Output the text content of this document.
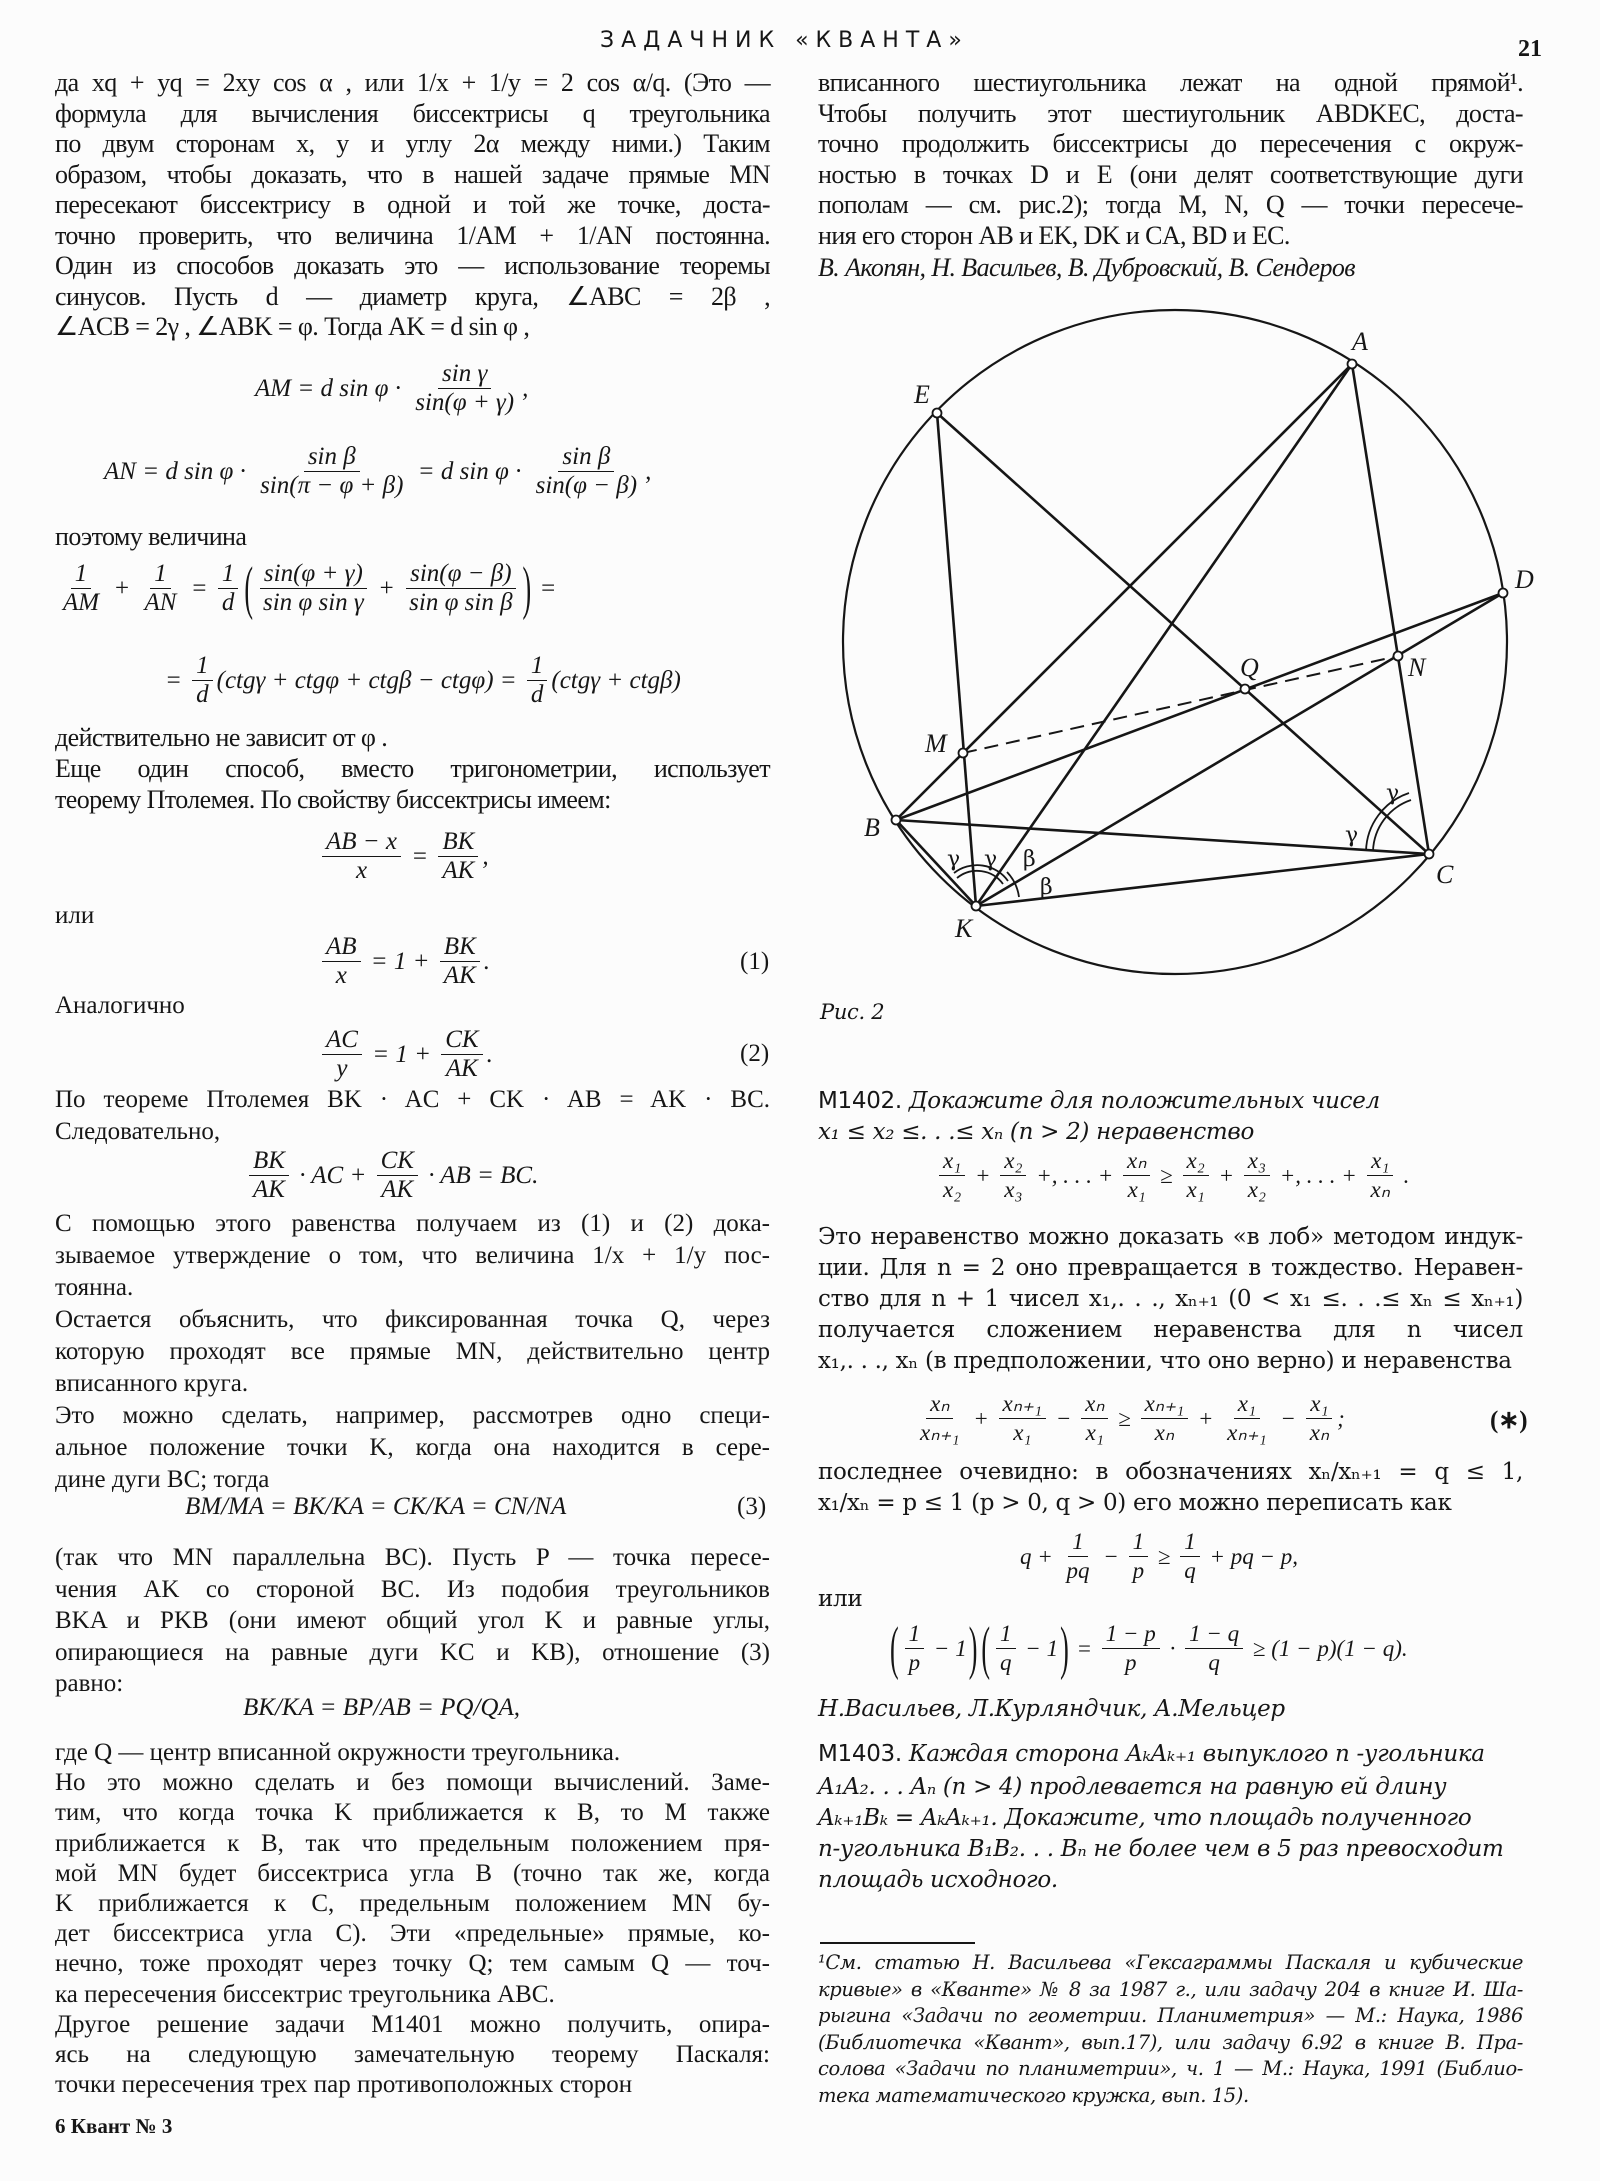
ЗАДАЧНИК «КВАНТА»	21
да xq + yq = 2xy cos α , или 1/x + 1/y = 2 cos α/q. (Это —
формула для вычисления биссектрисы q треугольника
по двум сторонам x, y и углу 2α между ними.) Таким
образом, чтобы доказать, что в нашей задаче прямые MN
пересекают биссектрису в одной и той же точке, доста-
точно проверить, что величина 1/AM + 1/AN постоянна.
Один из способов доказать это — использование теоремы
синусов. Пусть d — диаметр круга, ∠ABC = 2β ,
∠ACB = 2γ , ∠ABK = φ. Тогда AK = d sin φ ,
AM = d $\sin \varphi \cdot \frac{\text{sin γ}}{\sin(\varphi + \gamma)}$ ,
AN = d $\sin \varphi \cdot \frac{\text{sin β}}{\sin(\pi - \varphi + \beta)} = d$ $\sin \varphi \cdot \frac{\text{sin β}}{\sin(\varphi - \beta)}$ ,
поэтому величина
$\frac{1}{AM} + \frac{1}{AN} = \frac{1}{d}$ ( $\frac{\sin(\varphi + \gamma)}{\text{sin φ sin γ}} + \frac{\sin(\varphi - \beta)}{\text{sin φ sin β}}$ ) =
= $\frac{1}{d} (ctg\gamma + ctg\varphi + ctg\beta - ctg\varphi) = \frac{1}{d} (ctg\gamma + ctg\beta)$
действительно не зависит от φ .
Еще один способ, вместо тригонометрии, использует
теорему Птолемея. По свойству биссектрисы имеем:
$\frac{AB - x}{x} = \frac{BK}{AK}$ ,
или
$\frac{AB}{x} = 1 + \frac{BK}{AK}$ .	(1)
Аналогично
$\frac{AC}{y} = 1 + \frac{CK}{AK}$ .	(2)
По теореме Птолемея BK · AC + CK · AB = AK · BC.
Следовательно,
$\frac{BK}{AK}$ · AC + $\frac{CK}{AK}$ · AB = BC.
С помощью этого равенства получаем из (1) и (2) дока-
зываемое утверждение о том, что величина 1/x + 1/y пос-
тоянна.
Остается объяснить, что фиксированная точка Q, через
которую проходят все прямые MN, действительно центр
вписанного круга.
Это можно сделать, например, рассмотрев одно специ-
альное положение точки K, когда она находится в сере-
дине дуги BC; тогда
BM/MA = BK/KA = CK/KA = CN/NA	(3)
(так что MN параллельна BC). Пусть P — точка пересе-
чения AK со стороной BC. Из подобия треугольников
BKA и PKB (они имеют общий угол K и равные углы,
опирающиеся на равные дуги KC и KB), отношение (3)
равно:
BK/KA = BP/AB = PQ/QA,
где Q — центр вписанной окружности треугольника.
Но это можно сделать и без помощи вычислений. Заме-
тим, что когда точка K приближается к B, то M также
приближается к B, так что предельным положением пря-
мой MN будет биссектриса угла B (точно так же, когда
K приближается к C, предельным положением MN бу-
дет биссектриса угла C). Эти «предельные» прямые, ко-
нечно, тоже проходят через точку Q; тем самым Q — точ-
ка пересечения биссектрис треугольника ABC.
Другое решение задачи M1401 можно получить, опира-
ясь на следующую замечательную теорему Паскаля:
точки пересечения трех пар противоположных сторон
6 Квант № 3
вписанного шестиугольника лежат на одной прямой¹.
Чтобы получить этот шестиугольник ABDKEC, доста-
точно продолжить биссектрисы до пересечения с окруж-
ностью в точках D и E (они делят соответствующие дуги
пополам — см. рис.2); тогда M, N, Q — точки пересече-
ния его сторон AB и EK, DK и CA, BD и EC.
В. Акопян, Н. Васильев, В. Дубровский, В. Сендеров
A
E
D
N
Q
M
B
C
K
γ γ β
β
γ
γ
Рис. 2
M1402. Докажите для положительных чисел
x₁ ≤ x₂ ≤. . .≤ xₙ (n > 2) неравенство
$\frac{\text{x₁}}{\text{x₂}} + \frac{\text{x₂}}{\text{x₃}}$ +, . . . + $\frac{\text{xₙ}}{\text{x₁}} \ge \frac{\text{x₂}}{\text{x₁}} + \frac{\text{x₃}}{\text{x₂}}$ +, . . . + $\frac{\text{x₁}}{\text{xₙ}}$ .
Это неравенство можно доказать «в лоб» методом индук-
ции. Для n = 2 оно превращается в тождество. Неравен-
ство для n + 1 чисел x₁,. . ., xₙ₊₁ (0 < x₁ ≤. . .≤ xₙ ≤ xₙ₊₁)
получается сложением неравенства для n чисел
x₁,. . ., xₙ (в предположении, что оно верно) и неравенства
$\frac{\text{xₙ}}{\text{xₙ₊₁}} + \frac{\text{xₙ₊₁}}{\text{x₁}} - \frac{\text{xₙ}}{\text{x₁}} \ge \frac{\text{xₙ₊₁}}{\text{xₙ}} + \frac{\text{x₁}}{\text{xₙ₊₁}} - \frac{\text{x₁}}{\text{xₙ}}$ ;	(∗)
последнее очевидно: в обозначениях xₙ/xₙ₊₁ = q ≤ 1,
x₁/xₙ = p ≤ 1 (p > 0, q > 0) его можно переписать как
$q + \frac{1}{pq} - \frac{1}{p} \ge \frac{1}{q}$ + pq − p,
или
( $\frac{1}{p} - 1$ ) ( $\frac{1}{q} - 1$ ) = $\frac{1 - p}{p} \cdot \frac{1 - q}{q} \ge (1 - p)(1 - q)$.
Н.Васильев, Л.Курляндчик, А.Мельцер
M1403. Каждая сторона AₖAₖ₊₁ выпуклого n -угольника
A₁A₂. . . Aₙ (n > 4) продлевается на равную ей длину
Aₖ₊₁Bₖ = AₖAₖ₊₁. Докажите, что площадь полученного
n-угольника B₁B₂. . . Bₙ не более чем в 5 раз превосходит
площадь исходного.
¹См. статью Н. Васильева «Гексаграммы Паскаля и кубические
кривые» в «Кванте» № 8 за 1987 г., или задачу 204 в книге И. Ша-
рыгина «Задачи по геометрии. Планиметрия» — М.: Наука, 1986
(Библиотечка «Квант», вып.17), или задачу 6.92 в книге В. Пра-
солова «Задачи по планиметрии», ч. 1 — М.: Наука, 1991 (Библио-
тека математического кружка, вып. 15).
